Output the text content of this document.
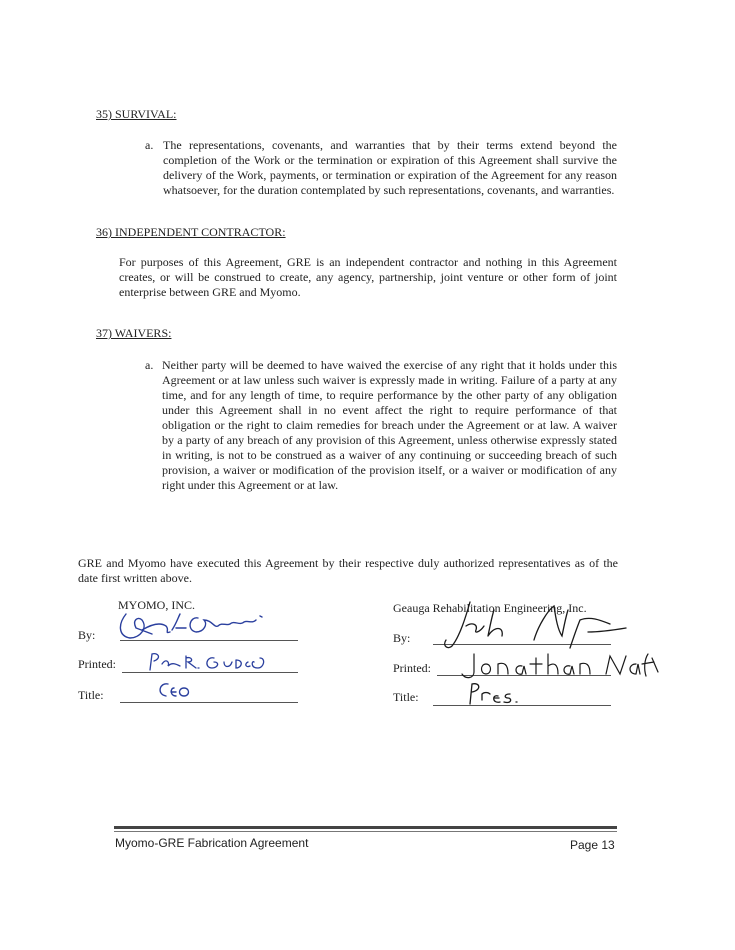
35) SURVIVAL:
a. The representations, covenants, and warranties that by their terms extend beyond the completion of the Work or the termination or expiration of this Agreement shall survive the delivery of the Work, payments, or termination or expiration of the Agreement for any reason whatsoever, for the duration contemplated by such representations, covenants, and warranties.
36) INDEPENDENT CONTRACTOR:
For purposes of this Agreement, GRE is an independent contractor and nothing in this Agreement creates, or will be construed to create, any agency, partnership, joint venture or other form of joint enterprise between GRE and Myomo.
37) WAIVERS:
a. Neither party will be deemed to have waived the exercise of any right that it holds under this Agreement or at law unless such waiver is expressly made in writing. Failure of a party at any time, and for any length of time, to require performance by the other party of any obligation under this Agreement shall in no event affect the right to require performance of that obligation or the right to claim remedies for breach under the Agreement or at law. A waiver by a party of any breach of any provision of this Agreement, unless otherwise expressly stated in writing, is not to be construed as a waiver of any continuing or succeeding breach of such provision, a waiver or modification of the provision itself, or a waiver or modification of any right under this Agreement or at law.
GRE and Myomo have executed this Agreement by their respective duly authorized representatives as of the date first written above.
MYOMO, INC.
By:
Printed:
Title:
Geauga Rehabilitation Engineering, Inc.
By:
Printed:
Title:
Myomo-GRE Fabrication Agreement	Page 13
